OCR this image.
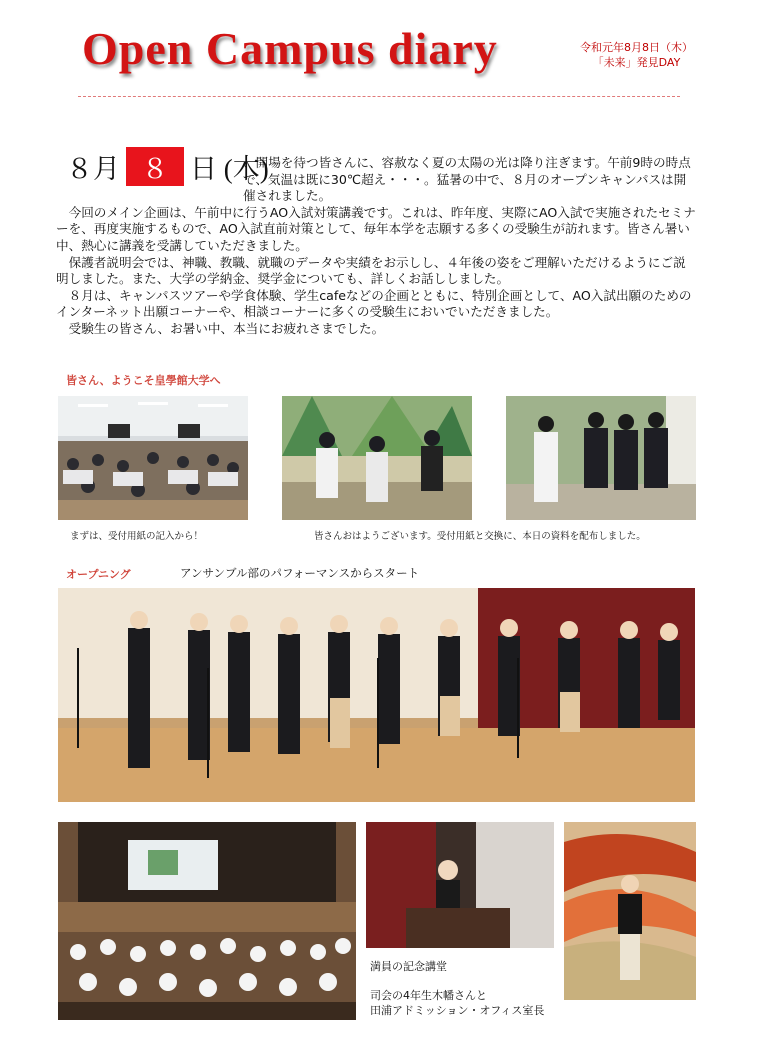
Open Campus diary	令和元年8月8日（木）
「未来」発見DAY
８月 ８ 日 (木)

、開場を待つ皆さんに、容赦なく夏の太陽の光は降り注ぎます。午前9時の時点で、気温は既に30℃超え・・・。猛暑の中で、８月のオープンキャンパスは開催されました。

今回のメイン企画は、午前中に行うAO入試対策講義です。これは、昨年度、実際にAO入試で実施されたセミナーを、再度実施するもので、AO入試直前対策として、毎年本学を志願する多くの受験生が訪れます。皆さん暑い中、熱心に講義を受講していただきました。

保護者説明会では、神職、教職、就職のデータや実績をお示しし、４年後の姿をご理解いただけるようにご説明しました。また、大学の学納金、奨学金についても、詳しくお話ししました。

８月は、キャンパスツアーや学食体験、学生cafeなどの企画とともに、特別企画として、AO入試出願のためのインターネット出願コーナーや、相談コーナーに多くの受験生においでいただきました。

受験生の皆さん、お暑い中、本当にお疲れさまでした。

皆さん、ようこそ皇學館大学へ
まずは、受付用紙の記入から！	皆さんおはようございます。受付用紙と交換に、本日の資料を配布しました。
オープニング	アンサンブル部のパフォーマンスからスタート
満員の記念講堂
司会の4年生木幡さんと
田浦アドミッション・オフィス室長
